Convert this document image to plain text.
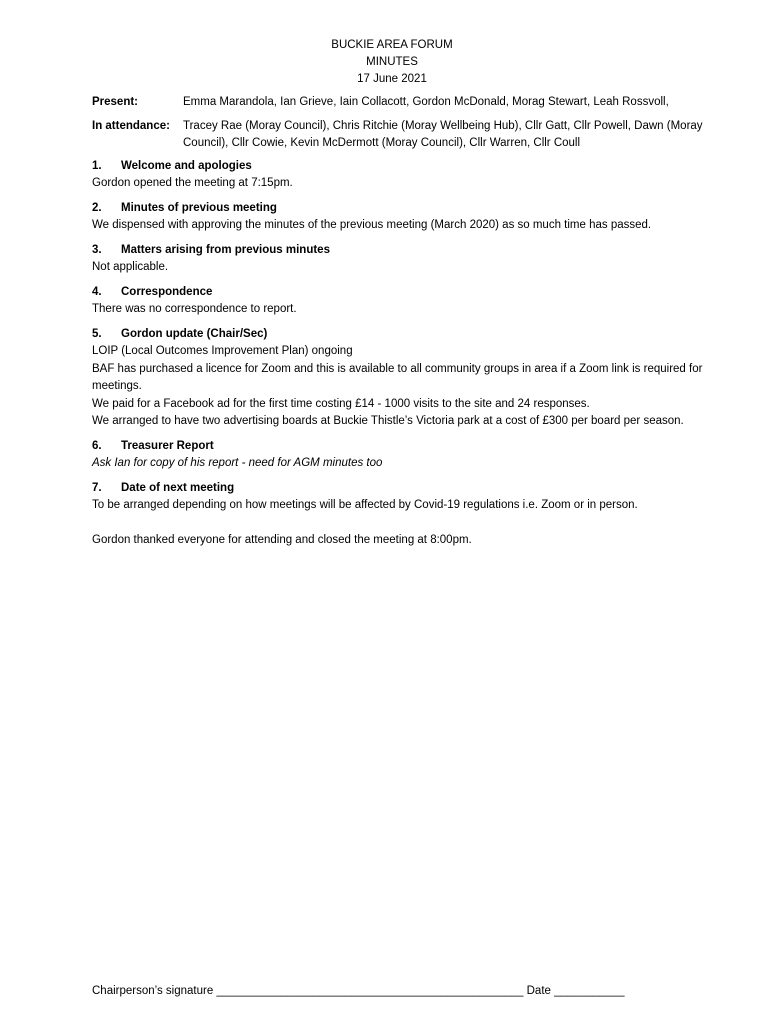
BUCKIE AREA FORUM
MINUTES
17 June 2021
Present:	Emma Marandola, Ian Grieve, Iain Collacott, Gordon McDonald, Morag Stewart, Leah Rossvoll,
In attendance:	Tracey Rae (Moray Council), Chris Ritchie (Moray Wellbeing Hub), Cllr Gatt, Cllr Powell, Dawn (Moray Council), Cllr Cowie, Kevin McDermott (Moray Council), Cllr Warren, Cllr Coull
1.	Welcome and apologies
Gordon opened the meeting at 7:15pm.
2.	Minutes of previous meeting
We dispensed with approving the minutes of the previous meeting (March 2020) as so much time has passed.
3.	Matters arising from previous minutes
Not applicable.
4.	Correspondence
There was no correspondence to report.
5.	Gordon update (Chair/Sec)
LOIP (Local Outcomes Improvement Plan) ongoing
BAF has purchased a licence for Zoom and this is available to all community groups in area if a Zoom link is required for meetings.
We paid for a Facebook ad for the first time costing £14 - 1000 visits to the site and 24 responses.
We arranged to have two advertising boards at Buckie Thistle’s Victoria park at a cost of £300 per board per season.
6.	Treasurer Report
Ask Ian for copy of his report - need for AGM minutes too
7.	Date of next meeting
To be arranged depending on how meetings will be affected by Covid-19 regulations i.e. Zoom or in person.
Gordon thanked everyone for attending and closed the meeting at 8:00pm.
Chairperson’s signature ________________________________________________ Date ___________
